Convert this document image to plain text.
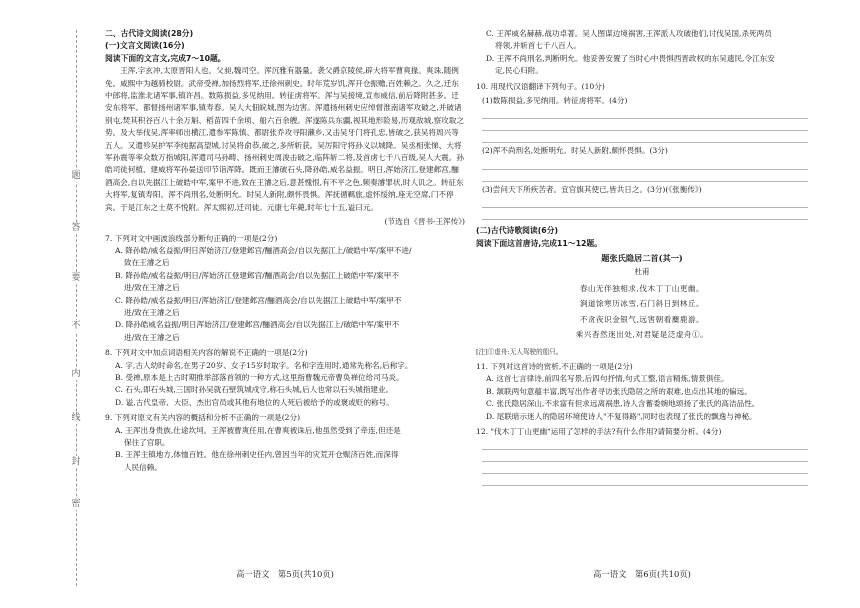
题
答
要
不
内
线
封
密
二、古代诗文阅读(28分)
(一)文言文阅读(16分)
阅读下面的文言文,完成7～10题。

王浑,字玄冲,太原晋阳人也。父昶,魏司空。浑沉雅有器量。袭父爵京陵侯,辟大将军曹爽掾。爽诛,随例免。咸熙中为越骑校尉。武帝受禅,加扬烈将军,迁徐州刺史。时年荒岁饥,浑开仓振赡,百姓赖之。久之,迁东中郎将,监淮北诸军事,镇许昌。数陈损益,多见纳用。转征虏将军。浑与吴接境,宣布威信,前后降附甚多。迁安东将军、都督扬州诸军事,镇寿春。吴人大佃皖城,图为边害。浑遣扬州刺史应绰督淮南诸军攻破之,并破诸别屯,焚其积谷百八十余万斛、稻苗四千余顷、船六百余艘。浑遂陈兵东疆,视其地形险易,历观敌城,察攻取之势。及大举伐吴,浑率师出横江,遣参军陈慎、都尉张乔攻寻阳瀨乡,又击吴牙门将孔忠,皆破之,获吴将周兴等五人。又遣殄吴护军李纯据高望城,讨吴将俞恭,破之,多所斩获。吴厉阳守将孙义以城降。吴丞相张悌、大将军孙震等率众数万指城阳,浑遣司马孙畴、扬州刺史周浚击破之,临阵斩二将,及首虏七千八百级,吴人大震。孙皓司徒何植、建威将军孙晏送印节诣浑降。既而王濬破石头,降孙皓,威名益振。明日,浑始济江,登建邺宫,酾酒高会,自以先据江上破皓中军,案甲不进,致在王濬之后,意甚愧恨,有不平之色,频奏濬罪状,时人讥之。转征东大将军,复镇寿阳。浑不尚刑名,处断明允。时吴人新附,颇怀畏惧。浑抚循羁旅,虚怀绥纳,座无空席,门不停宾。于是江东之士莫不悦附。浑太熙初,迁司徒。元康七年薨,时年七十五,谥曰元。

(节选自《晋书·王浑传》)
7. 下列对文中画波浪线部分断句正确的一项是(2分)
A. 降孙皓/威名益振/明日浑始济江/登建邺宫/酾酒高会/自以先据江上/破皓中军/案甲不进/
致在王濬之后
B. 降孙皓/威名益振/明日/浑始济江登建邺宫/酾酒高会/自以先据江上破皓中军/案甲不
进/致在王濬之后
C. 降孙皓/威名益振/明日/浑始济江/登建邺宫/酾酒高会/自以先据江上破皓中军/案甲不
进/致在王濬之后
D. 降孙皓威名益振/明日浑始济江/登建邺宫/酾酒高会/自以先据江上/破皓中军/案甲不
进/致在王濬之后
8. 下列对文中加点词语相关内容的解说不正确的一项是(2分)
A. 字,古人幼时命名,在男子20岁、女子15岁时取字。名和字连用时,通常先称名,后称字。
B. 受禅,原本是上古时期推举部落首领的一种方式,这里指曹魏元帝曹奂禅位给司马炎。
C. 石头,即石头城,三国时孙吴就石壁筑城戍守,称石头城,后人也常以石头城指建业。
D. 谥,古代皇帝、大臣、杰出官员或其他有地位的人死后被给予的或褒或贬的称号。
9. 下列对原文有关内容的概括和分析不正确的一项是(2分)
A. 王浑出身贵族,仕途坎坷。王浑被曹爽任用,在曹爽被诛后,他虽然受到了牵连,但还是
保住了官职。
B. 王浑主镇地方,体恤百姓。他在徐州刺史任内,曾因当年的灾荒开仓赈济百姓,而深得
人民信赖。
C. 王浑威名赫赫,战功卓著。吴人图谋边境祸害,王浑派人攻破他们,讨伐吴国,杀死两员
将领,并斩首七千八百人。
D. 王浑不尚刑名,判断明允。他妥善安置了当时心中畏惧西晋政权的东吴遗民,令江东安
定,民心归附。
10. 用现代汉语翻译下列句子。(10分)
(1)数陈损益,多见纳用。转征虏将军。(4分)
(2)浑不尚刑名,处断明允。时吴人新附,颇怀畏惧。(3分)
(3)尝问天下所疾苦者。宜官旗其使已,皆共日之。(3分)(《张衡传》)
(二)古代诗歌阅读(6分)
阅读下面这首唐诗,完成11～12题。
题张氏隐居二首(其一)
杜甫
春山无伴独相求,伐木丁丁山更幽。
涧道馀寒历冰雪,石门斜日到林丘。
不贪夜识金银气,远害朝看麋鹿游。
乘兴杳然迷出处,对君疑是泛虚舟①。
[注]①虚舟:无人驾驶的船只。
11. 下列对这首诗的赏析,不正确的一项是(2分)
A. 这首七言律诗,前四名写景,后四句抒情,句式工整,语言精炼,情景俱佳。
B. 颔联两句意蕴丰富,既写出作者寻访张氏隐居之所的艰难,也点出其地的偏远。
C. 张氏隐居深山,不求富有但求远离祸患,诗人含蓄委婉地颂扬了张氏的高洁品性。
D. 尾联暗示迷人的隐居环境使诗人"不复得路",同时也表现了张氏的飘逸与神秘。
12. "伐木丁丁山更幽"运用了怎样的手法?有什么作用?请简要分析。(4分)
高一语文　第5页(共10页)	高一语文　第6页(共10页)
